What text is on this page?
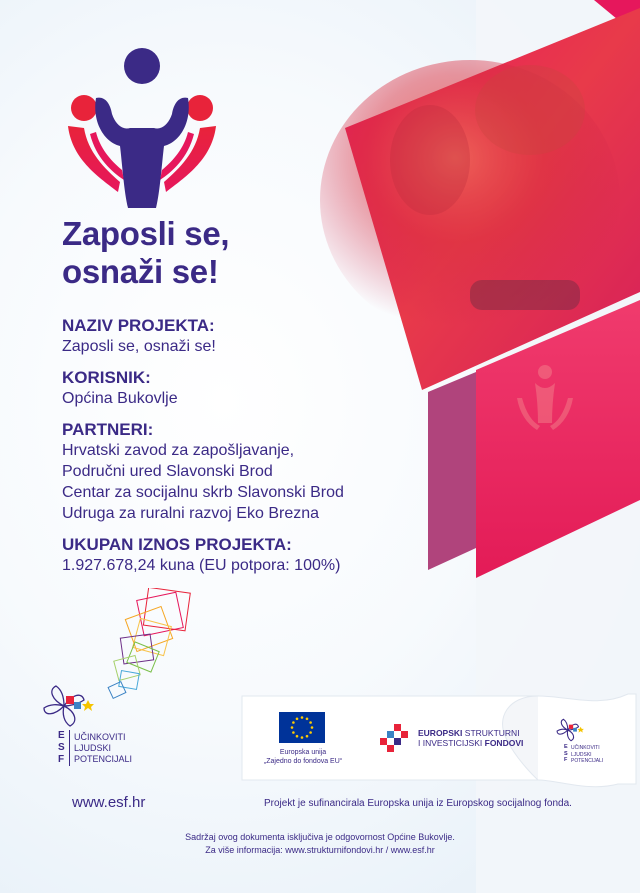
Zaposli se,
osnaži se!
NAZIV PROJEKTA:
Zaposli se, osnaži se!
KORISNIK:
Općina Bukovlje
PARTNERI:
Hrvatski zavod za zapošljavanje,
Područni ured Slavonski Brod
Centar za socijalnu skrb Slavonski Brod
Udruga za ruralni razvoj Eko Brezna
UKUPAN IZNOS PROJEKTA:
1.927.678,24 kuna (EU potpora: 100%)
E
S
F
UČINKOVITI
LJUDSKI
POTENCIJALI
www.esf.hr
Europska unija
„Zajedno do fondova EU“
EUROPSKI STRUKTURNI
I INVESTICIJSKI FONDOVI	E
S
F
UČINKOVITI
LJUDSKI
POTENCIJALI
Projekt je sufinancirala Europska unija iz Europskog socijalnog fonda.
Sadržaj ovog dokumenta isključiva je odgovornost Općine Bukovlje.
Za više informacija: www.strukturnifondovi.hr / www.esf.hr
